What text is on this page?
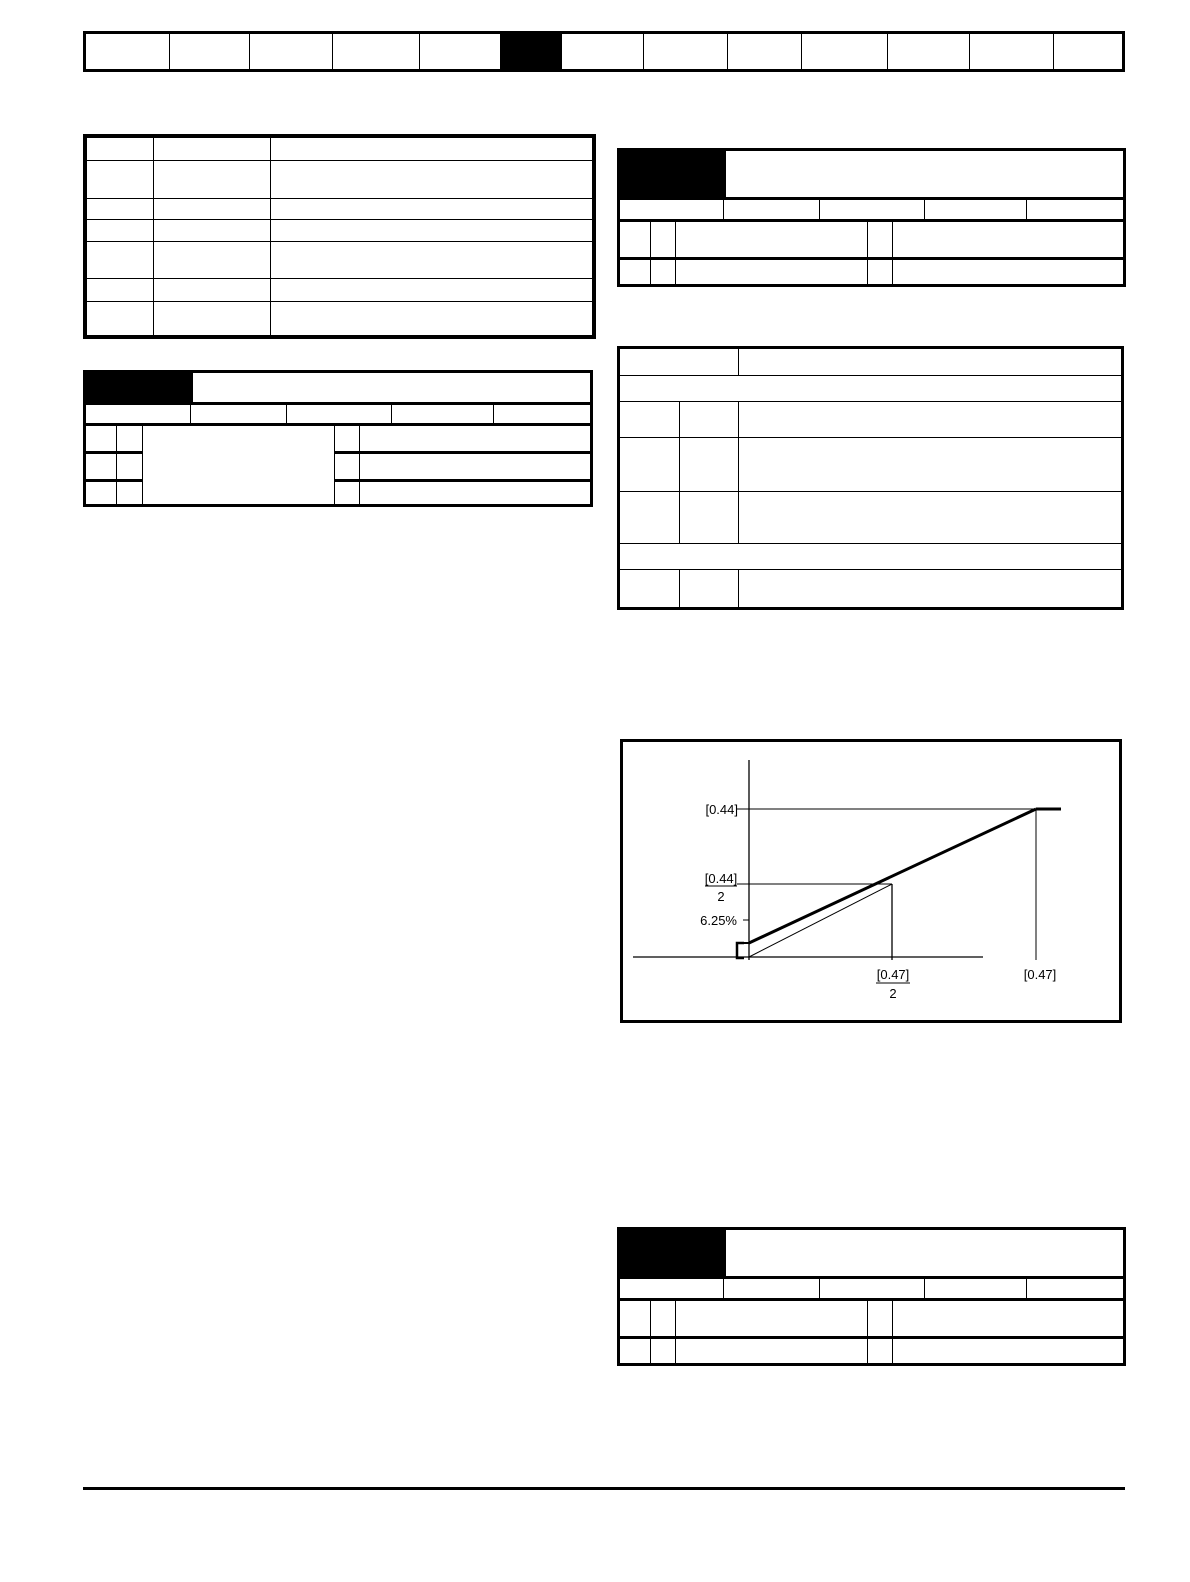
[0.44]
[0.44]
2
6.25%
[0.47]
2
[0.47]
